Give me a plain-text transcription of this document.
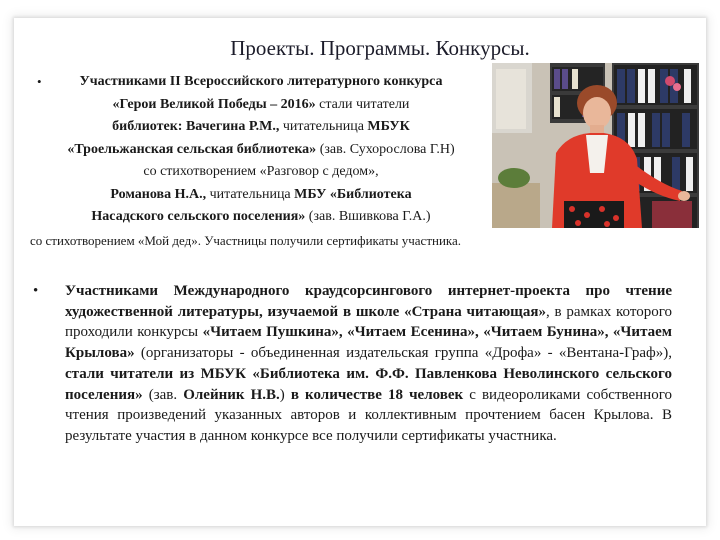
Проекты. Программы. Конкурсы.
•	Участниками II Всероссийского литературного конкурса

«Герои Великой Победы – 2016» стали читатели

библиотек: Вачегина Р.М., читательница МБУК

«Троельжанская сельская библиотека» (зав. Сухорослова Г.Н)

со стихотворением «Разговор с дедом»,

Романова Н.А., читательница МБУ «Библиотека

Насадского сельского поселения» (зав. Вшивкова Г.А.)

со стихотворением «Мой дед». Участницы получили сертификаты участника.
• Участниками Международного краудсорсингового интернет-проекта про чтение художественной литературы, изучаемой в школе «Страна читающая», в рамках которого проходили конкурсы «Читаем Пушкина», «Читаем Есенина», «Читаем Бунина», «Читаем Крылова» (организаторы - объединенная издательская группа «Дрофа» - «Вентана-Граф»), стали читатели из МБУК «Библиотека им. Ф.Ф. Павленкова Неволинского сельского поселения» (зав. Олейник Н.В.) в количестве 18 человек с видеороликами собственного чтения произведений указанных авторов и коллективным прочтением басен Крылова. В результате участия в данном конкурсе все получили сертификаты участника.
